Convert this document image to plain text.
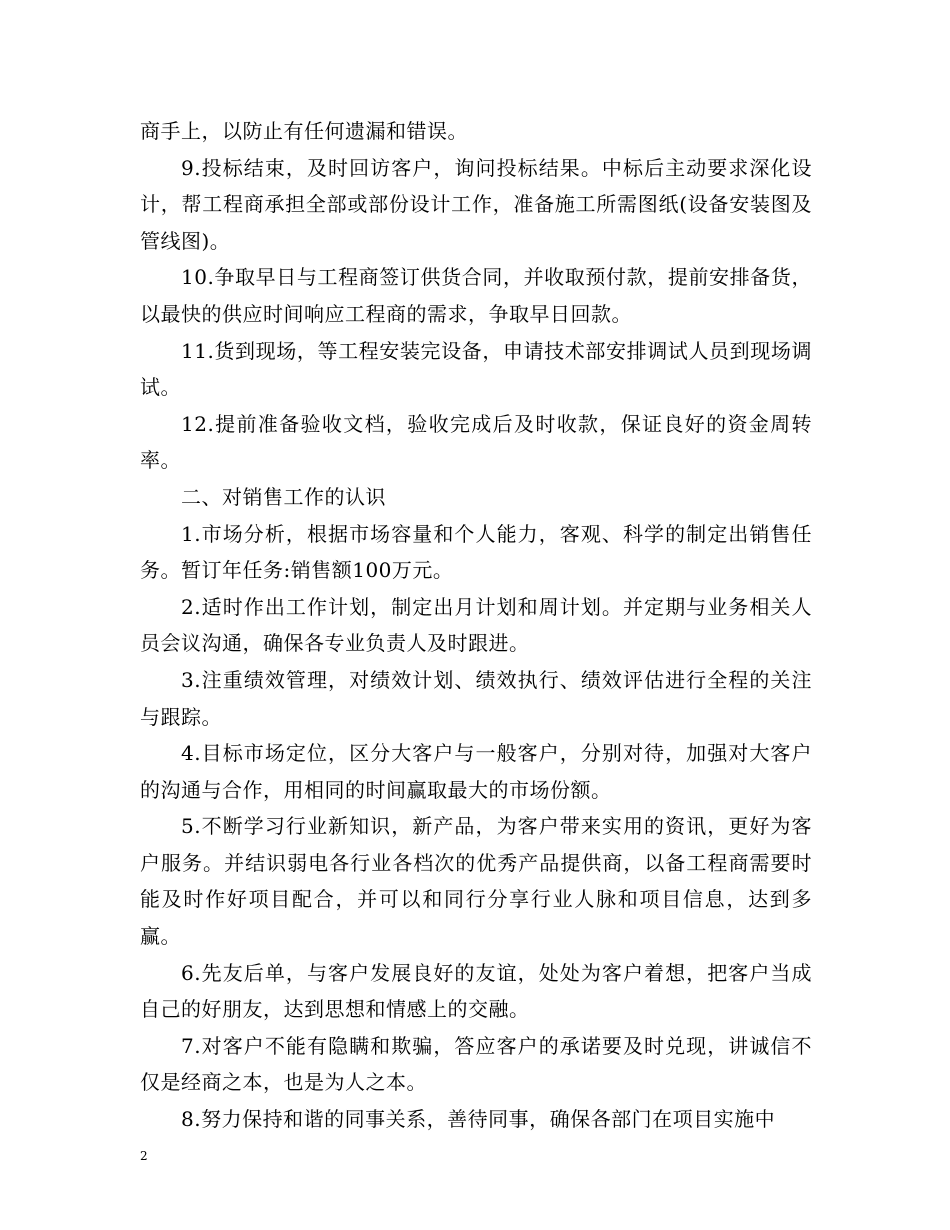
商手上，以防止有任何遗漏和错误。

9.投标结束，及时回访客户，询问投标结果。中标后主动要求深化设计，帮工程商承担全部或部份设计工作，准备施工所需图纸(设备安装图及管线图)。

10.争取早日与工程商签订供货合同，并收取预付款，提前安排备货，以最快的供应时间响应工程商的需求，争取早日回款。

11.货到现场，等工程安装完设备，申请技术部安排调试人员到现场调试。

12.提前准备验收文档，验收完成后及时收款，保证良好的资金周转率。

二、对销售工作的认识

1.市场分析，根据市场容量和个人能力，客观、科学的制定出销售任务。暂订年任务:销售额100万元。

2.适时作出工作计划，制定出月计划和周计划。并定期与业务相关人员会议沟通，确保各专业负责人及时跟进。

3.注重绩效管理，对绩效计划、绩效执行、绩效评估进行全程的关注与跟踪。

4.目标市场定位，区分大客户与一般客户，分别对待，加强对大客户的沟通与合作，用相同的时间赢取最大的市场份额。

5.不断学习行业新知识，新产品，为客户带来实用的资讯，更好为客户服务。并结识弱电各行业各档次的优秀产品提供商，以备工程商需要时能及时作好项目配合，并可以和同行分享行业人脉和项目信息，达到多赢。

6.先友后单，与客户发展良好的友谊，处处为客户着想，把客户当成自己的好朋友，达到思想和情感上的交融。

7.对客户不能有隐瞒和欺骗，答应客户的承诺要及时兑现，讲诚信不仅是经商之本，也是为人之本。

8.努力保持和谐的同事关系，善待同事，确保各部门在项目实施中

2
